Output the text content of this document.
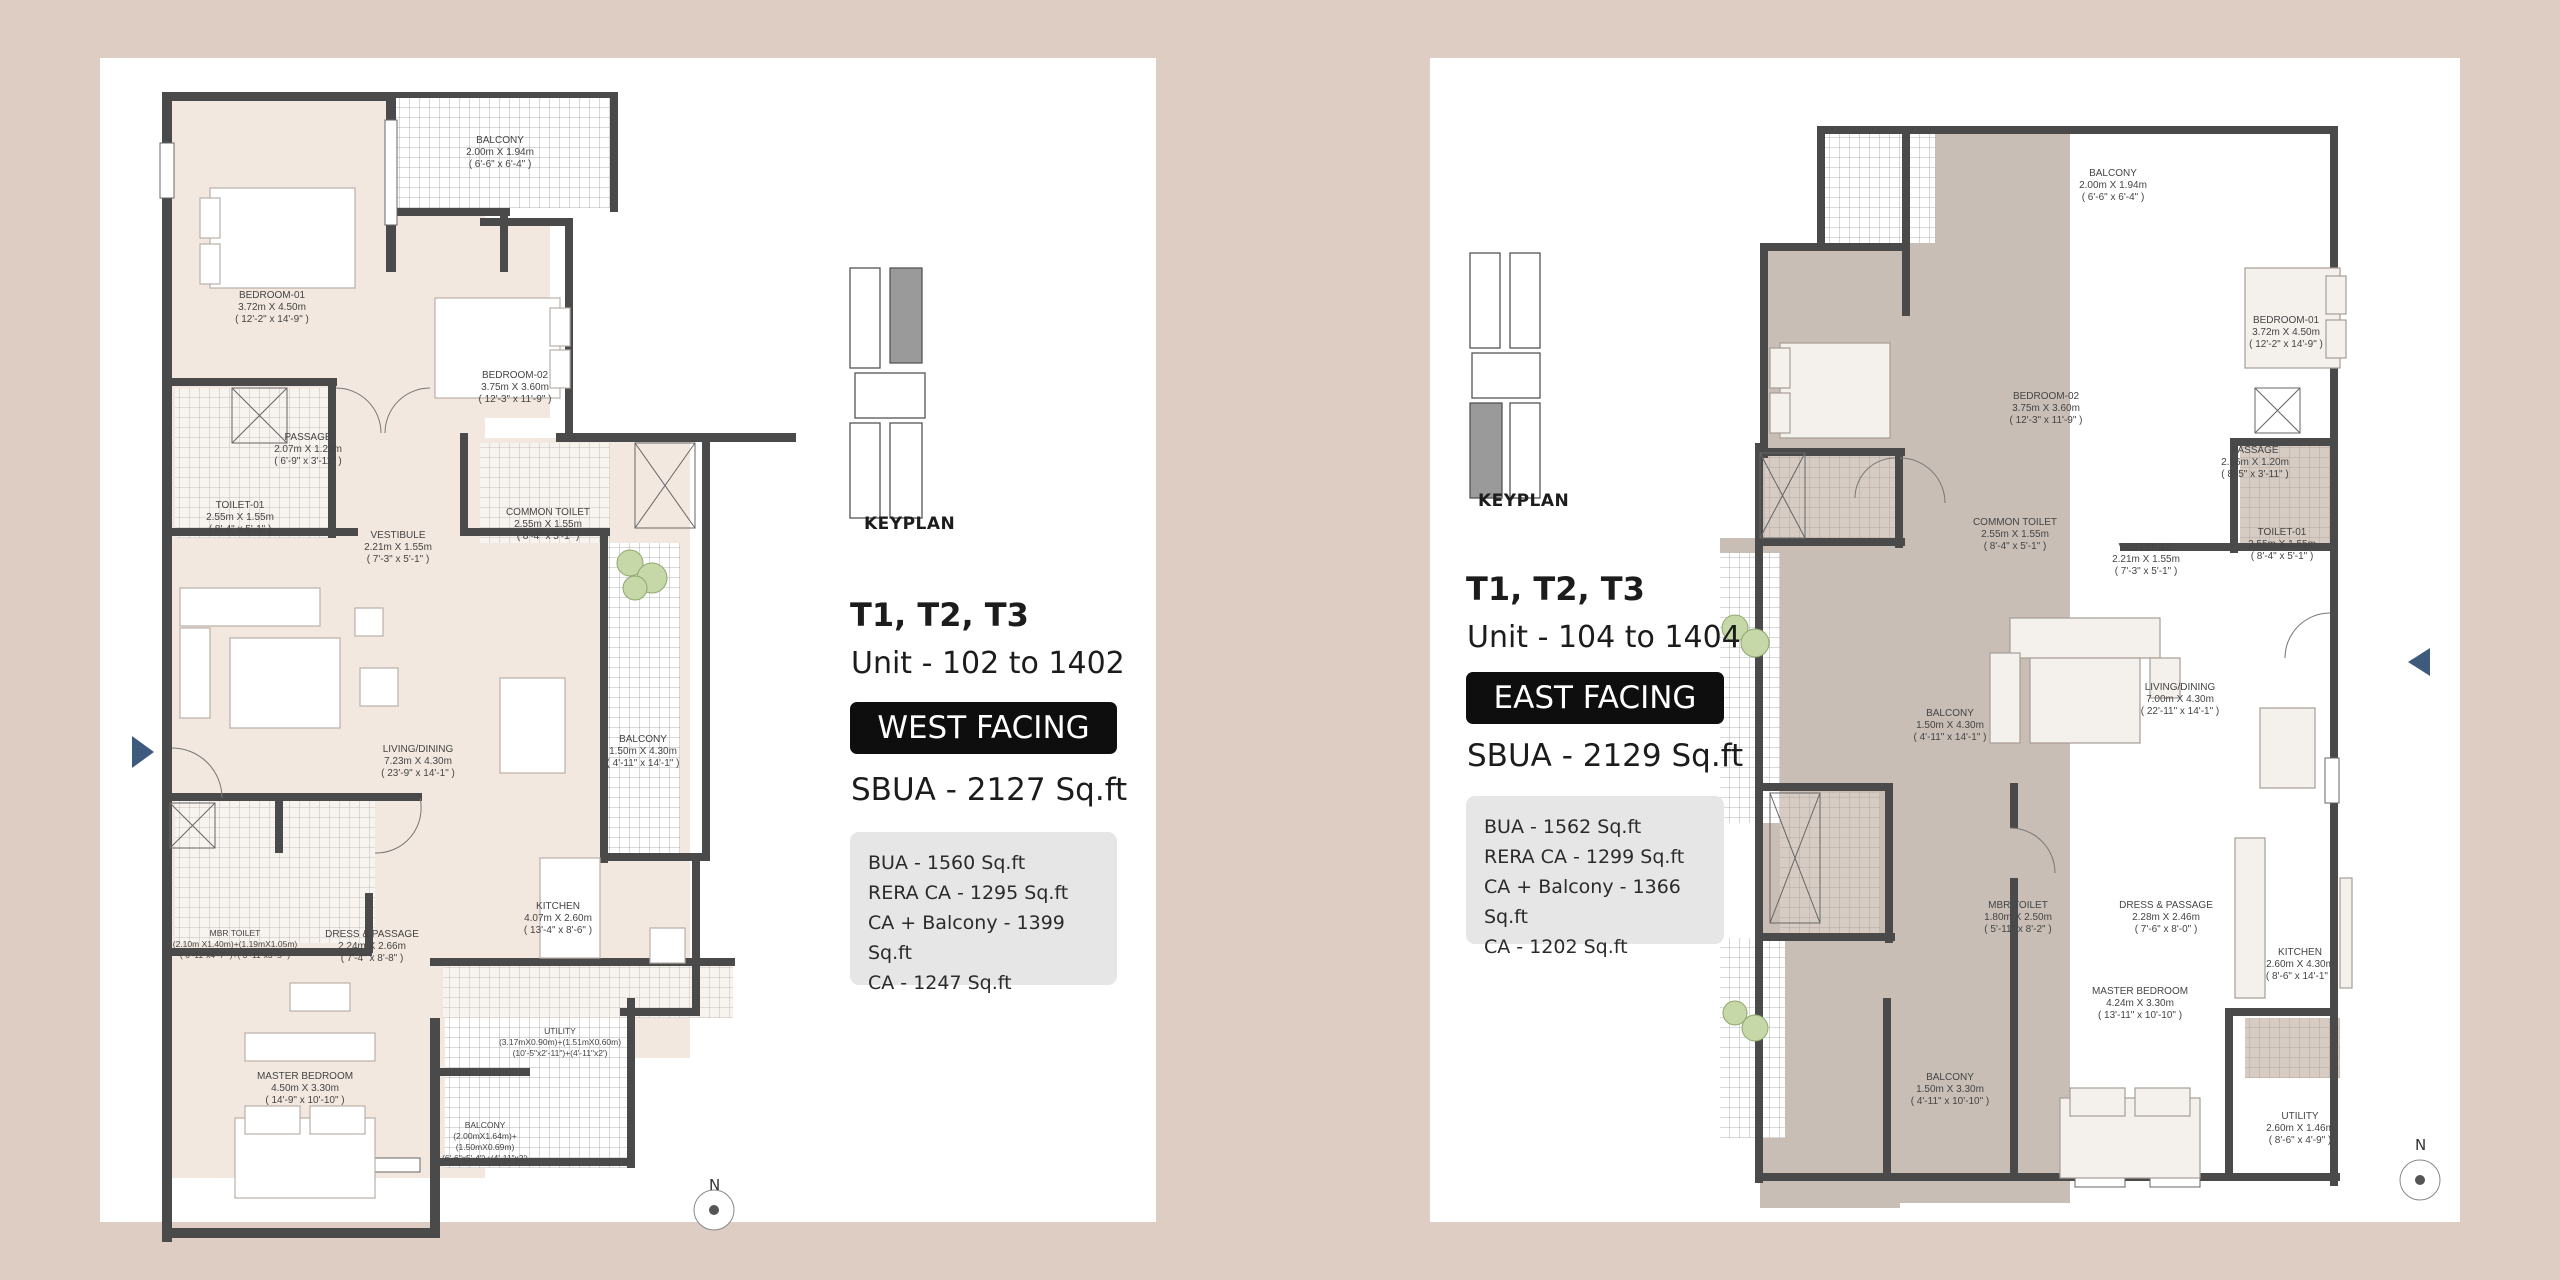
BALCONY 2.00m X 1.94m ( 6'-6" x 6'-4" )
BEDROOM-01 3.72m X 4.50m ( 12'-2" x 14'-9" )
BEDROOM-02 3.75m X 3.60m ( 12'-3" x 11'-9" )
PASSAGE 2.07m X 1.20m ( 6'-9" x 3'-11" )
TOILET-01 2.55m X 1.55m ( 8'-4" x 5'-1" )
VESTIBULE 2.21m X 1.55m ( 7'-3" x 5'-1" )
COMMON TOILET 2.55m X 1.55m ( 8'-4" x 5'-1" )
LIVING/DINING 7.23m X 4.30m ( 23'-9" x 14'-1" )
BALCONY 1.50m X 4.30m ( 4'-11" x 14'-1" )
MBR TOILET (2.10m X1.40m)+(1.19mX1.05m) ( 6'-11"x4'-7" )+( 3'-11"x3'-5" )
DRESS & PASSAGE 2.24m X 2.66m ( 7'-4" x 8'-8" )
KITCHEN 4.07m X 2.60m ( 13'-4" x 8'-6" )
UTILITY (3.17mX0.90m)+(1.51mX0.60m) (10'-5"x2'-11")+(4'-11"x2')
MASTER BEDROOM 4.50m X 3.30m ( 14'-9" x 10'-10" )
BALCONY (2.00mX1.64m)+ (1.50mX0.69m) (6'-6"x5'-4")+(4'-11"x2')
KEYPLAN
T1, T2, T3
Unit - 102 to 1402
WEST FACING
SBUA - 2127 Sq.ft
BUA - 1560 Sq.ft
RERA CA - 1295 Sq.ft
CA + Balcony - 1399 Sq.ft
CA - 1247 Sq.ft
N
BALCONY 2.00m X 1.94m ( 6'-6" x 6'-4" )
BEDROOM-01 3.72m X 4.50m ( 12'-2" x 14'-9" )
BEDROOM-02 3.75m X 3.60m ( 12'-3" x 11'-9" )
PASSAGE 2.56m X 1.20m ( 8'-5" x 3'-11" )
COMMON TOILET 2.55m X 1.55m ( 8'-4" x 5'-1" )	VESTIBULE 2.21m X 1.55m ( 7'-3" x 5'-1" )
TOILET-01 2.55m X 1.55m ( 8'-4" x 5'-1" )
LIVING/DINING 7.00m X 4.30m ( 22'-11" x 14'-1" )
BALCONY 1.50m X 4.30m ( 4'-11" x 14'-1" )
MBR TOILET 1.80m X 2.50m ( 5'-11" x 8'-2" )
DRESS & PASSAGE 2.28m X 2.46m ( 7'-6" x 8'-0" )
KITCHEN 2.60m X 4.30m ( 8'-6" x 14'-1" )
BALCONY 1.50m X 3.30m ( 4'-11" x 10'-10" )
MASTER BEDROOM 4.24m X 3.30m ( 13'-11" x 10'-10" )
UTILITY 2.60m X 1.46m ( 8'-6" x 4'-9" )
KEYPLAN
T1, T2, T3
Unit - 104 to 1404
EAST FACING
SBUA - 2129 Sq.ft
BUA - 1562 Sq.ft
RERA CA - 1299 Sq.ft
CA + Balcony - 1366 Sq.ft
CA - 1202 Sq.ft
N
